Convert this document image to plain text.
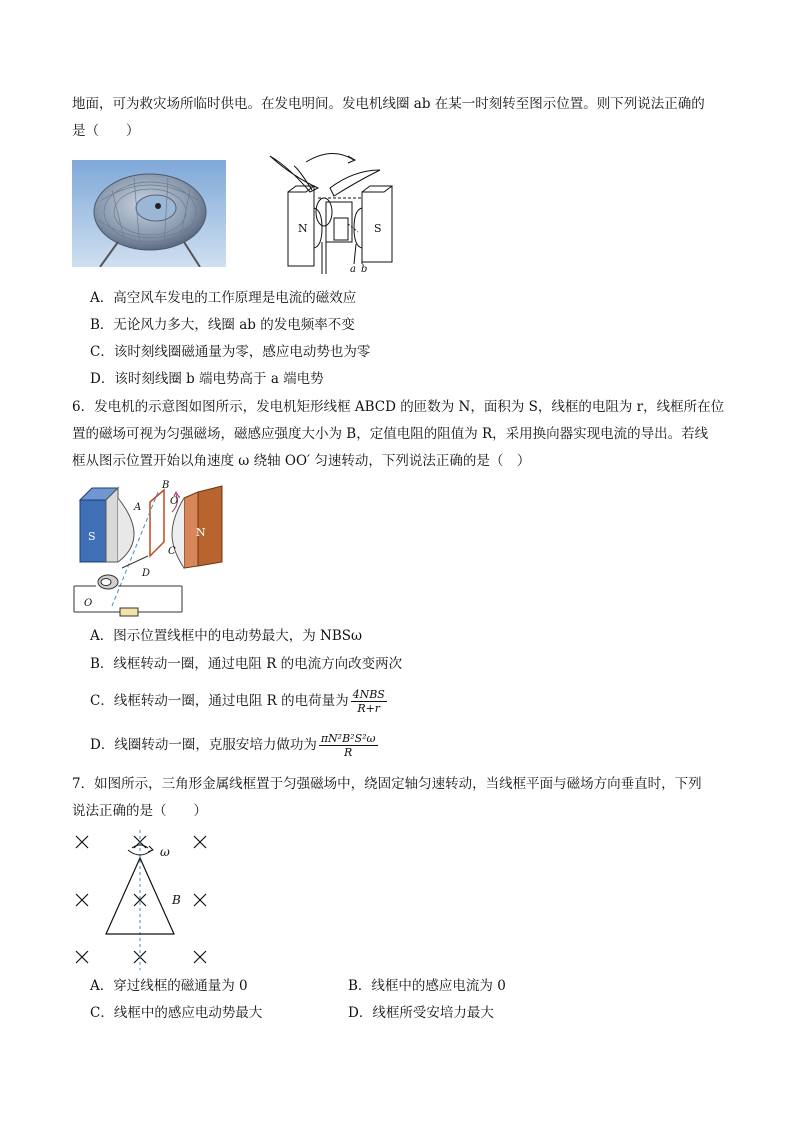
地面，可为救灾场所临时供电。在发电明间。发电机线圈 ab 在某一时刻转至图示位置。则下列说法正确的
是（　　）
N	S
a b
A．高空风车发电的工作原理是电流的磁效应
B．无论风力多大，线圈 ab 的发电频率不变
C．该时刻线圈磁通量为零，感应电动势也为零
D．该时刻线圈 b 端电势高于 a 端电势
6．发电机的示意图如图所示，发电机矩形线框 ABCD 的匝数为 N，面积为 S，线框的电阻为 r，线框所在位
置的磁场可视为匀强磁场，磁感应强度大小为 B，定值电阻的阻值为 R，采用换向器实现电流的导出。若线
框从图示位置开始以角速度 ω 绕轴 OO′ 匀速转动，下列说法正确的是（　）
S	N
A
B
C
D
O′
O
A．图示位置线框中的电动势最大，为 NBSω
B．线框转动一圈，通过电阻 R 的电流方向改变两次
C．线框转动一圈，通过电阻 R 的电荷量为 $\frac{\text{4NBS}}{R+r}$
D．线圈转动一圈，克服安培力做功为 $\frac{\text{πN²B²S²ω}}{R}$
7．如图所示，三角形金属线框置于匀强磁场中，绕固定轴匀速转动，当线框平面与磁场方向垂直时，下列
说法正确的是（　　）
ω
B
A．穿过线框的磁通量为 0	B．线框中的感应电流为 0
C．线框中的感应电动势最大	D．线框所受安培力最大
